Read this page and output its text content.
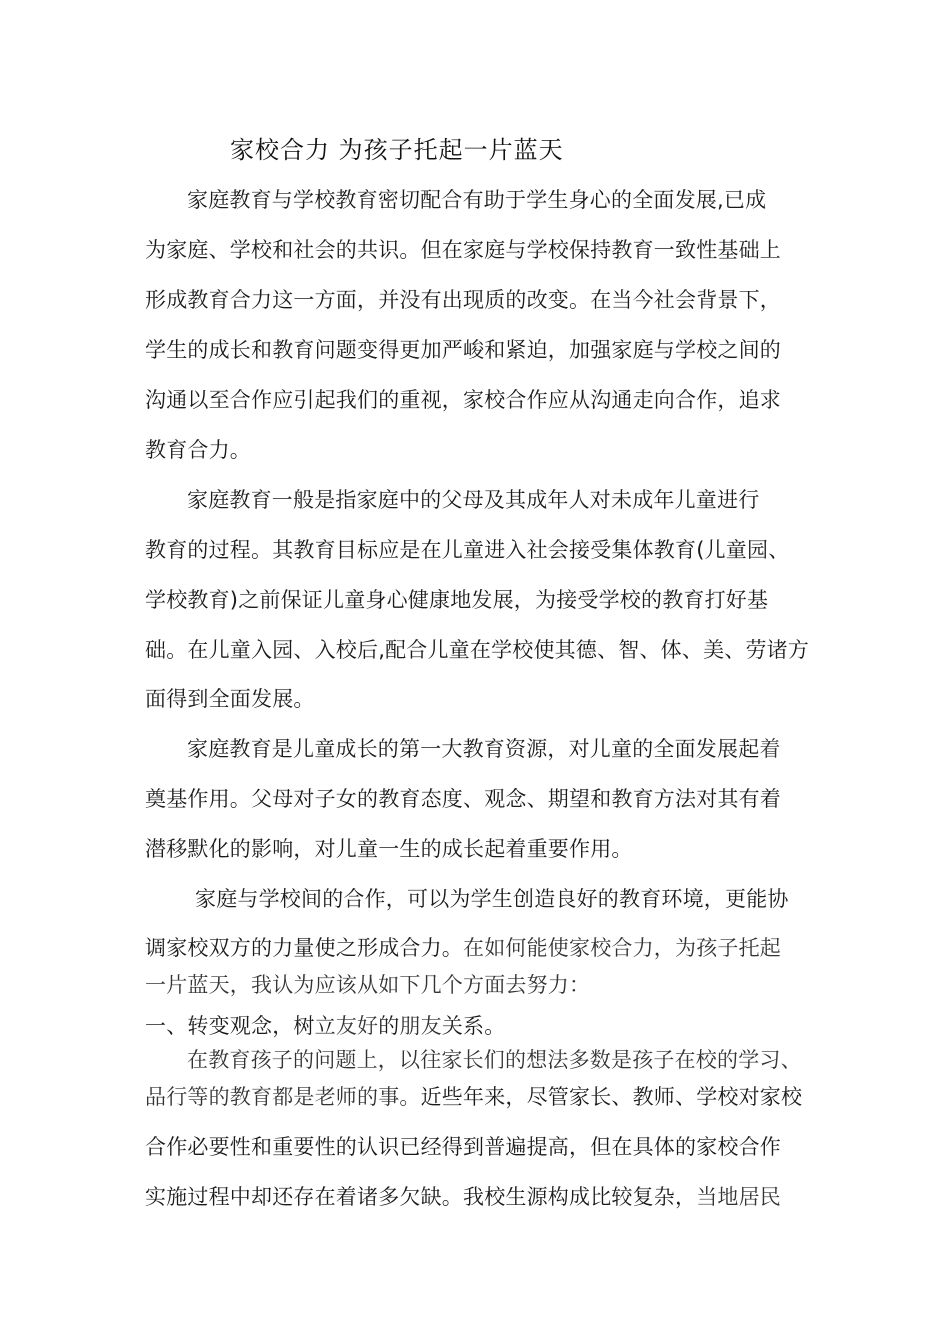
家校合力 为孩子托起一片蓝天
家庭教育与学校教育密切配合有助于学生身心的全面发展,已成
为家庭、学校和社会的共识。但在家庭与学校保持教育一致性基础上
形成教育合力这一方面，并没有出现质的改变。在当今社会背景下，
学生的成长和教育问题变得更加严峻和紧迫，加强家庭与学校之间的
沟通以至合作应引起我们的重视，家校合作应从沟通走向合作，追求
教育合力。
家庭教育一般是指家庭中的父母及其成年人对未成年儿童进行
教育的过程。其教育目标应是在儿童进入社会接受集体教育(儿童园、
学校教育)之前保证儿童身心健康地发展，为接受学校的教育打好基
础。在儿童入园、入校后,配合儿童在学校使其德、智、体、美、劳诸方
面得到全面发展。
家庭教育是儿童成长的第一大教育资源，对儿童的全面发展起着
奠基作用。父母对子女的教育态度、观念、期望和教育方法对其有着
潜移默化的影响，对儿童一生的成长起着重要作用。
家庭与学校间的合作，可以为学生创造良好的教育环境，更能协
调家校双方的力量使之形成合力。在如何能使家校合力，为孩子托起
一片蓝天，我认为应该从如下几个方面去努力：
一、转变观念，树立友好的朋友关系。
在教育孩子的问题上，以往家长们的想法多数是孩子在校的学习、
品行等的教育都是老师的事。近些年来，尽管家长、教师、学校对家校
合作必要性和重要性的认识已经得到普遍提高，但在具体的家校合作
实施过程中却还存在着诸多欠缺。我校生源构成比较复杂，当地居民
